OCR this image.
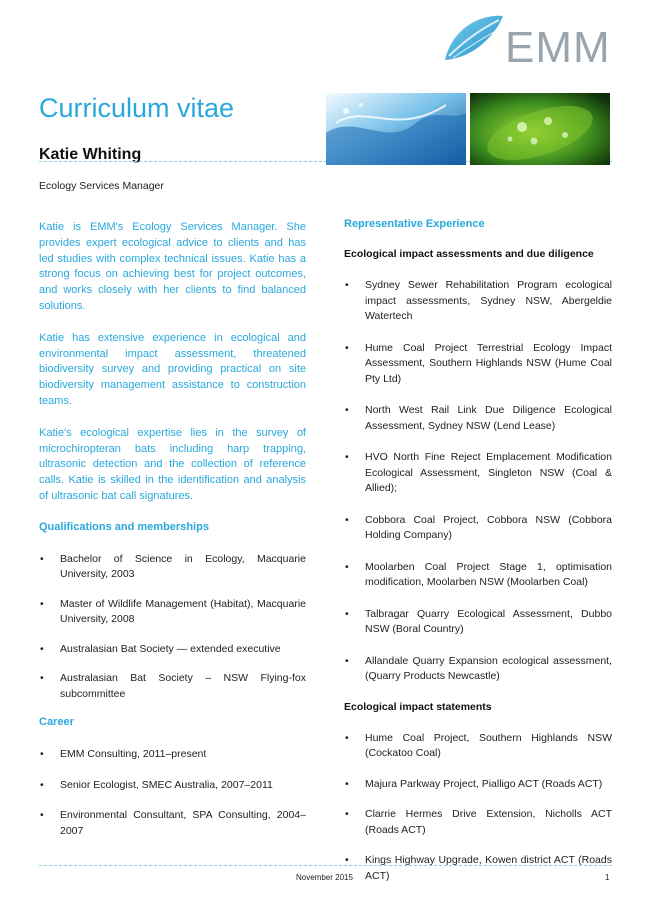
EMM
Curriculum vitae
Katie Whiting
Ecology Services Manager

Katie is EMM's Ecology Services Manager. She provides expert ecological advice to clients and has led studies with complex technical issues. Katie has a strong focus on achieving best for project outcomes, and works closely with her clients to find balanced solutions.

Katie has extensive experience in ecological and environmental impact assessment, threatened biodiversity survey and providing practical on site biodiversity management assistance to construction teams.

Katie's ecological expertise lies in the survey of microchiropteran bats including harp trapping, ultrasonic detection and the collection of reference calls. Katie is skilled in the identification and analysis of ultrasonic bat call signatures.

Qualifications and memberships
• Bachelor of Science in Ecology, Macquarie University, 2003
• Master of Wildlife Management (Habitat), Macquarie University, 2008
• Australasian Bat Society — extended executive
• Australasian Bat Society – NSW Flying-fox subcommittee
Career
• EMM Consulting, 2011–present
• Senior Ecologist, SMEC Australia, 2007–2011
• Environmental Consultant, SPA Consulting, 2004–2007
Representative Experience
Ecological impact assessments and due diligence
• Sydney Sewer Rehabilitation Program ecological impact assessments, Sydney NSW, Abergeldie Watertech
• Hume Coal Project Terrestrial Ecology Impact Assessment, Southern Highlands NSW (Hume Coal Pty Ltd)
• North West Rail Link Due Diligence Ecological Assessment, Sydney NSW (Lend Lease)
• HVO North Fine Reject Emplacement Modification Ecological Assessment, Singleton NSW (Coal & Allied);
• Cobbora Coal Project, Cobbora NSW (Cobbora Holding Company)
• Moolarben Coal Project Stage 1, optimisation modification, Moolarben NSW (Moolarben Coal)
• Talbragar Quarry Ecological Assessment, Dubbo NSW (Boral Country)
• Allandale Quarry Expansion ecological assessment, (Quarry Products Newcastle)
Ecological impact statements
• Hume Coal Project, Southern Highlands NSW (Cockatoo Coal)
• Majura Parkway Project, Pialligo ACT (Roads ACT)
• Clarrie Hermes Drive Extension, Nicholls ACT (Roads ACT)
• Kings Highway Upgrade, Kowen district ACT (Roads ACT)
November 2015	1
